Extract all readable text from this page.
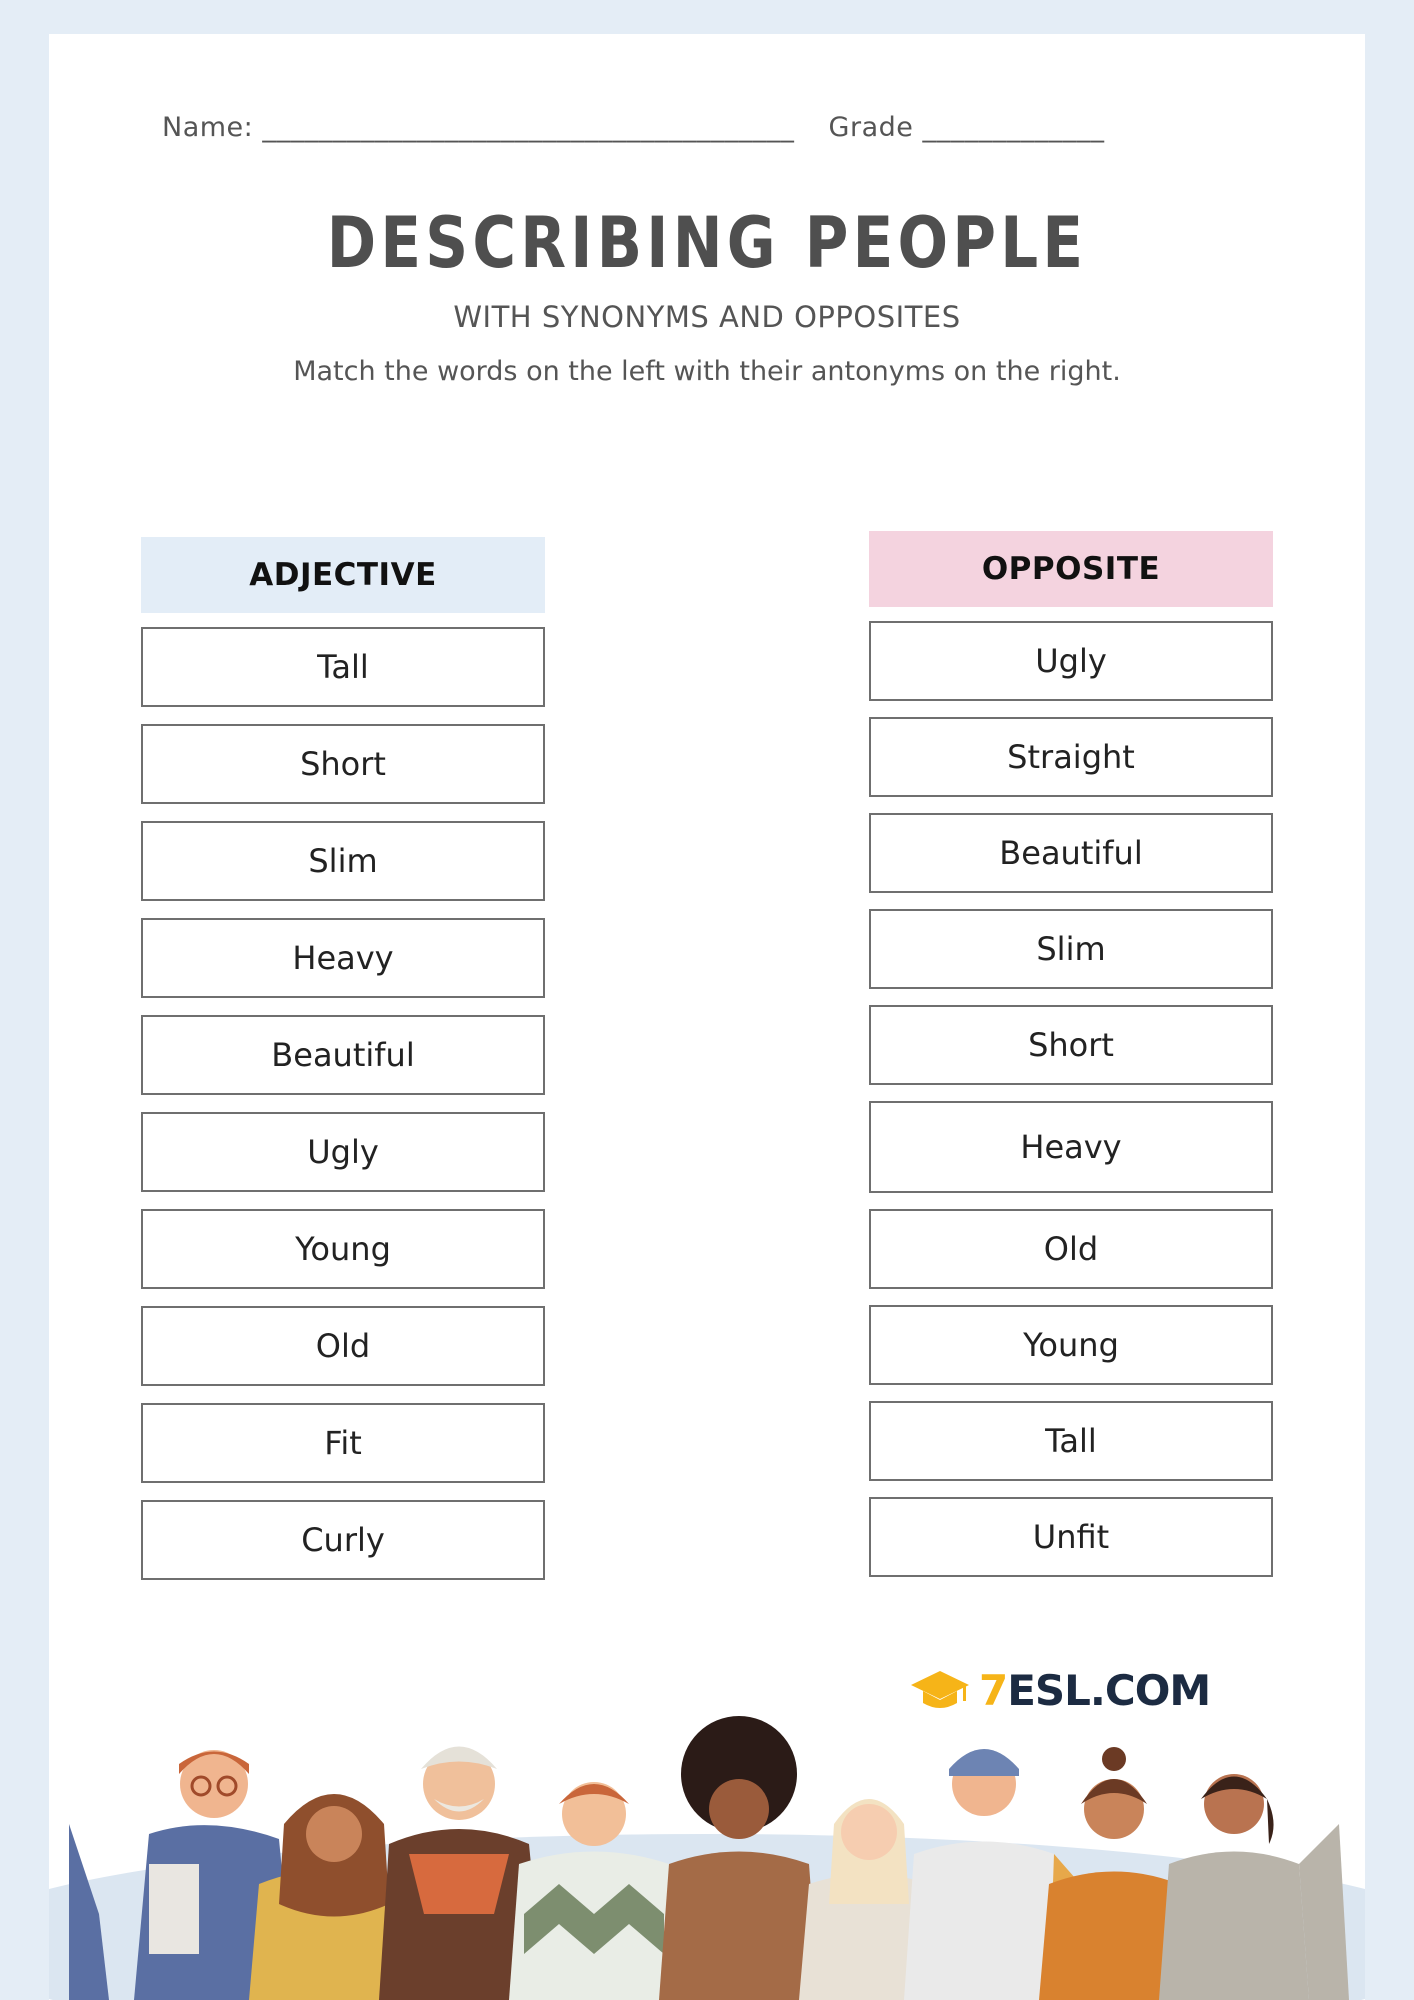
Name: ______________________________________ Grade _____________
DESCRIBING PEOPLE
WITH SYNONYMS AND OPPOSITES
Match the words on the left with their antonyms on the right.
ADJECTIVE
Tall
Short
Slim
Heavy
Beautiful
Ugly
Young
Old
Fit
Curly
OPPOSITE
Ugly
Straight
Beautiful
Slim
Short
Heavy
Old
Young
Tall
Unfit
7ESL.COM
